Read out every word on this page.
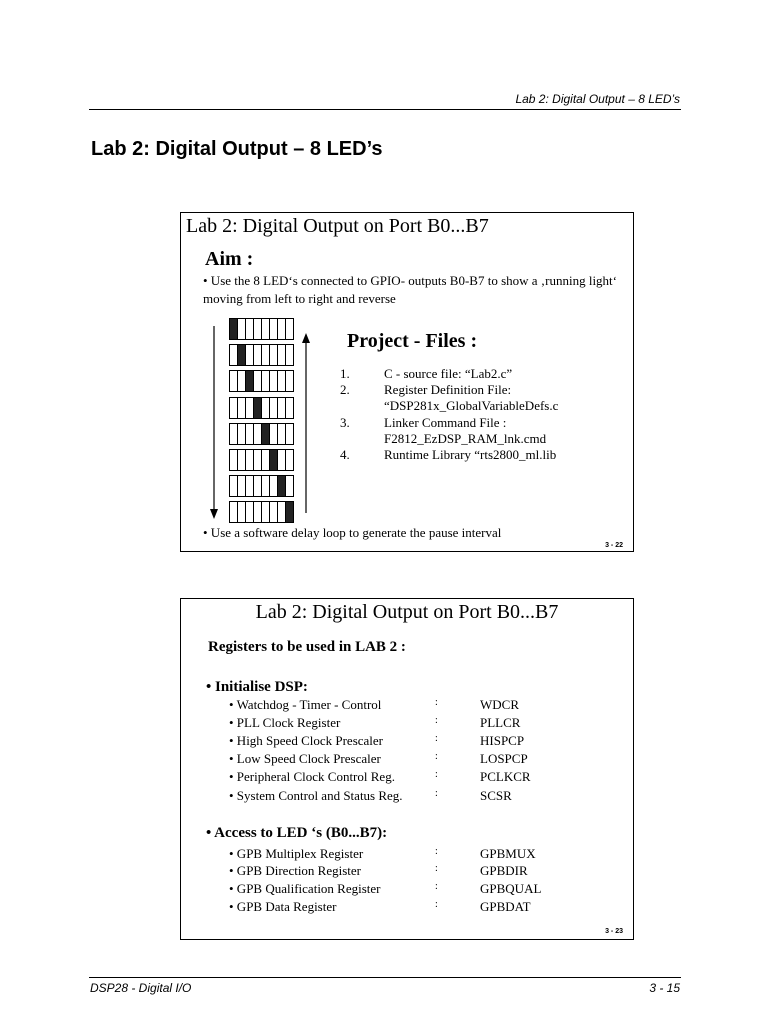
Lab 2: Digital Output – 8 LED’s
Lab 2: Digital Output – 8 LED’s
Lab 2: Digital Output on Port B0...B7
Aim :
• Use the 8 LED‘s connected to GPIO- outputs B0-B7 to show a ‚running light‘ moving from left to right and reverse
Project - Files :
1.	C - source file: “Lab2.c”
2.	Register Definition File:
“DSP281x_GlobalVariableDefs.c
3.	Linker Command File :
F2812_EzDSP_RAM_lnk.cmd
4.	Runtime Library “rts2800_ml.lib
• Use a software delay loop to generate the pause interval
3 - 22
Lab 2: Digital Output on Port B0...B7
Registers to be used in LAB 2 :
• Initialise DSP:
• Watchdog - Timer - Control	:	WDCR
• PLL Clock Register	:	PLLCR
• High Speed Clock Prescaler	:	HISPCP
• Low Speed Clock Prescaler	:	LOSPCP
• Peripheral Clock Control Reg.	:	PCLKCR
• System Control and Status Reg.	:	SCSR
• Access to LED ‘s (B0...B7):
• GPB Multiplex Register	:	GPBMUX
• GPB Direction Register	:	GPBDIR
• GPB Qualification Register	:	GPBQUAL
• GPB Data Register	:	GPBDAT
3 - 23
DSP28 - Digital I/O	3 - 15
